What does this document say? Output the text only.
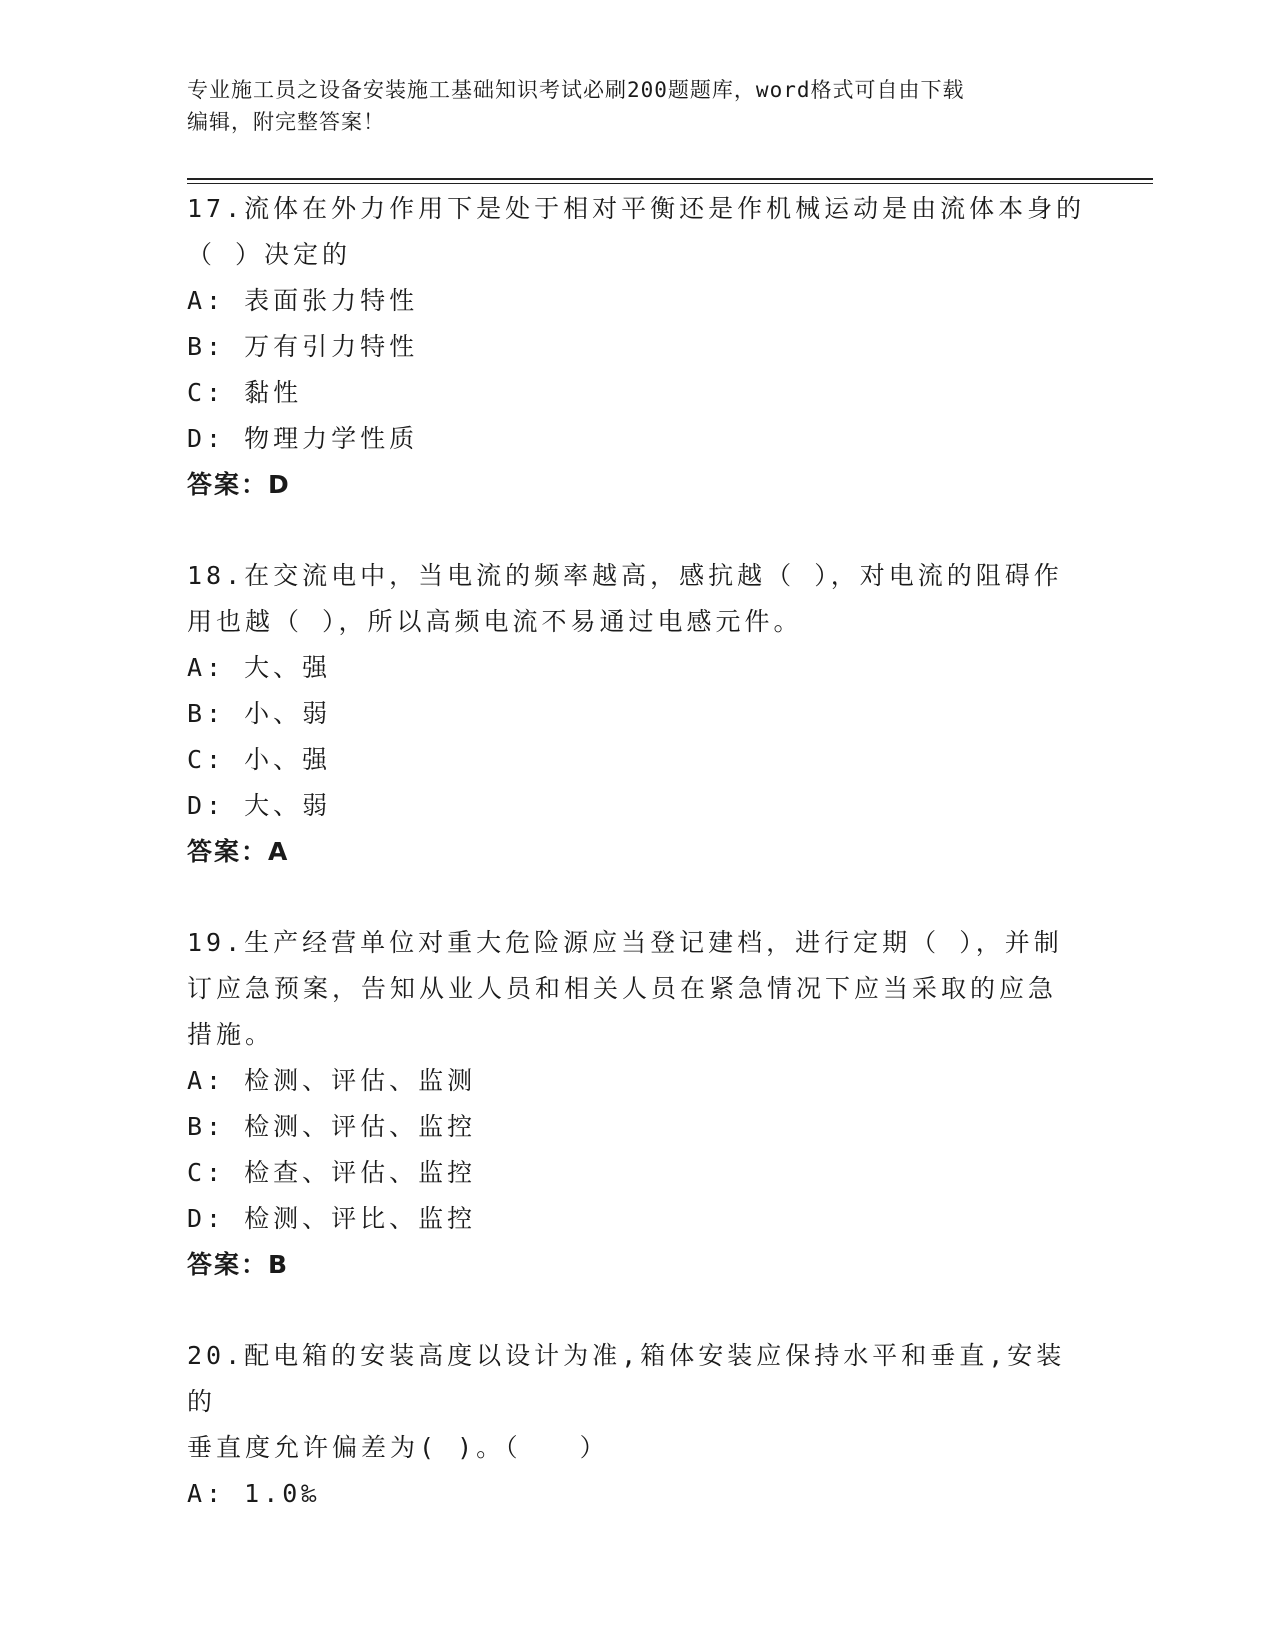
专业施工员之设备安装施工基础知识考试必刷200题题库，word格式可自由下载
编辑，附完整答案！
17.流体在外力作用下是处于相对平衡还是作机械运动是由流体本身的
（ ）决定的
A: 表面张力特性
B: 万有引力特性
C: 黏性
D: 物理力学性质
答案：D
18.在交流电中，当电流的频率越高，感抗越（ ），对电流的阻碍作
用也越（ ），所以高频电流不易通过电感元件。
A: 大、强
B: 小、弱
C: 小、强
D: 大、弱
答案：A
19.生产经营单位对重大危险源应当登记建档，进行定期（ ），并制
订应急预案，告知从业人员和相关人员在紧急情况下应当采取的应急
措施。
A: 检测、评估、监测
B: 检测、评估、监控
C: 检查、评估、监控
D: 检测、评比、监控
答案：B
20.配电箱的安装高度以设计为准,箱体安装应保持水平和垂直,安装的
垂直度允许偏差为( )。（　　）
A: 1.0‰
